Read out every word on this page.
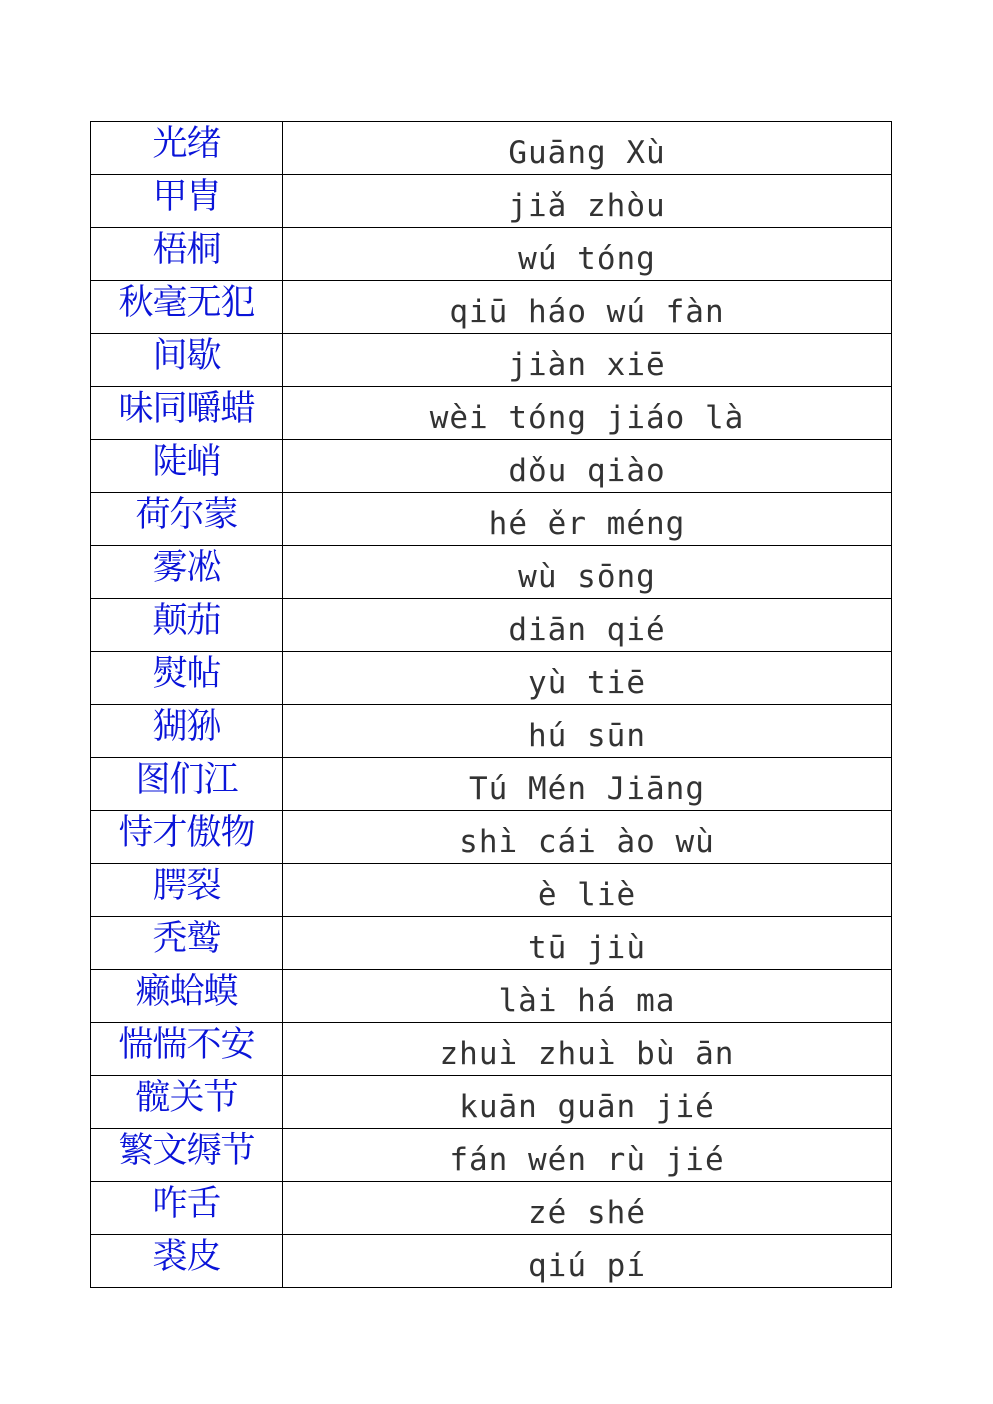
光绪	Guāng Xù
甲胄	jiǎ zhòu
梧桐	wú tóng
秋毫无犯	qiū háo wú fàn
间歇	jiàn xiē
味同嚼蜡	wèi tóng jiáo là
陡峭	dǒu qiào
荷尔蒙	hé ěr méng
雾凇	wù sōng
颠茄	diān qié
熨帖	yù tiē
猢狲	hú sūn
图们江	Tú Mén Jiāng
恃才傲物	shì cái ào wù
腭裂	è liè
秃鹫	tū jiù
癞蛤蟆	lài há ma
惴惴不安	zhuì zhuì bù ān
髋关节	kuān guān jié
繁文缛节	fán wén rù jié
咋舌	zé shé
裘皮	qiú pí
